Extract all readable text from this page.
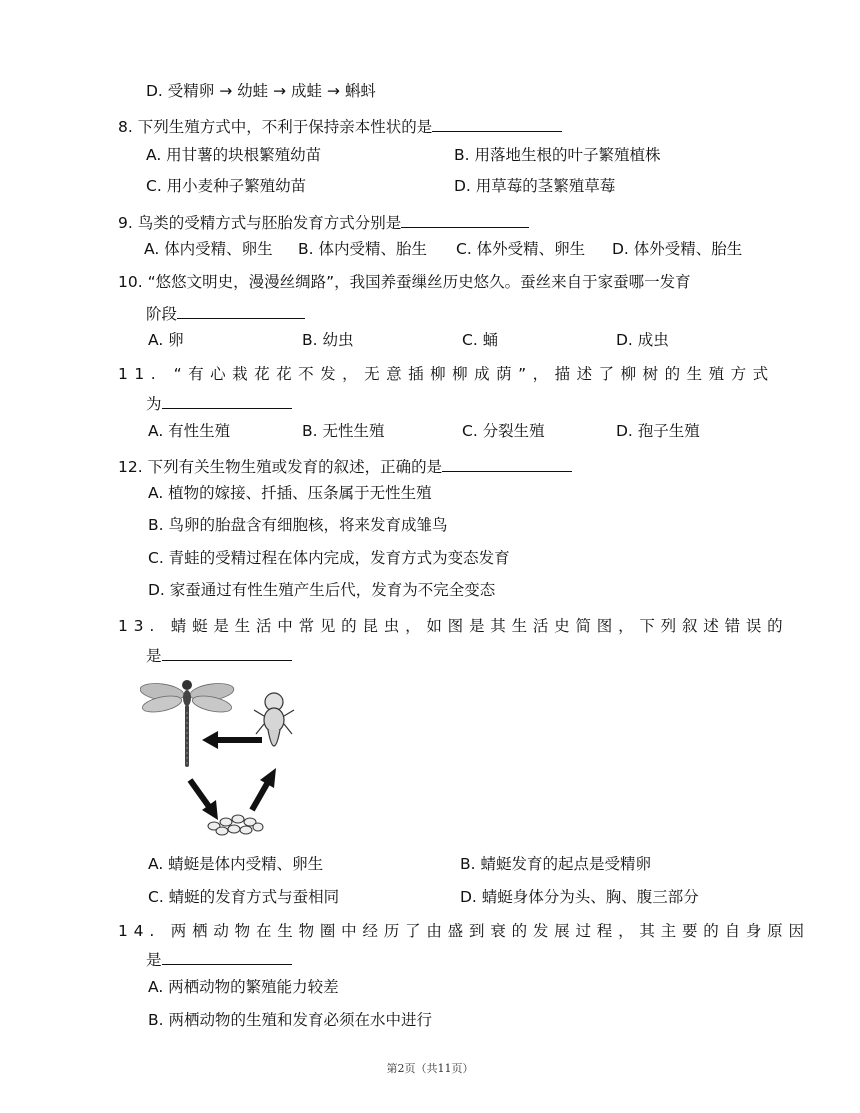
D. 受精卵 → 幼蛙 → 成蛙 → 蝌蚪
8. 下列生殖方式中，不利于保持亲本性状的是
A. 用甘薯的块根繁殖幼苗	B. 用落地生根的叶子繁殖植株
C. 用小麦种子繁殖幼苗	D. 用草莓的茎繁殖草莓
9. 鸟类的受精方式与胚胎发育方式分别是
A. 体内受精、卵生 B. 体内受精、胎生 C. 体外受精、卵生 D. 体外受精、胎生
10. “悠悠文明史，漫漫丝绸路”，我国养蚕缫丝历史悠久。蚕丝来自于家蚕哪一发育
阶段
A. 卵	B. 幼虫	C. 蛹	D. 成虫
11. “有心栽花花不发，无意插柳柳成荫”，描述了柳树的生殖方式
为
A. 有性生殖	B. 无性生殖	C. 分裂生殖	D. 孢子生殖
12. 下列有关生物生殖或发育的叙述，正确的是
A. 植物的嫁接、扦插、压条属于无性生殖
B. 鸟卵的胎盘含有细胞核，将来发育成雏鸟
C. 青蛙的受精过程在体内完成，发育方式为变态发育
D. 家蚕通过有性生殖产生后代，发育为不完全变态
13. 蜻蜓是生活中常见的昆虫，如图是其生活史简图，下列叙述错误的
是
A. 蜻蜓是体内受精、卵生	B. 蜻蜓发育的起点是受精卵
C. 蜻蜓的发育方式与蚕相同	D. 蜻蜓身体分为头、胸、腹三部分
14. 两栖动物在生物圈中经历了由盛到衰的发展过程，其主要的自身原因
是
A. 两栖动物的繁殖能力较差
B. 两栖动物的生殖和发育必须在水中进行
第2页（共11页）
